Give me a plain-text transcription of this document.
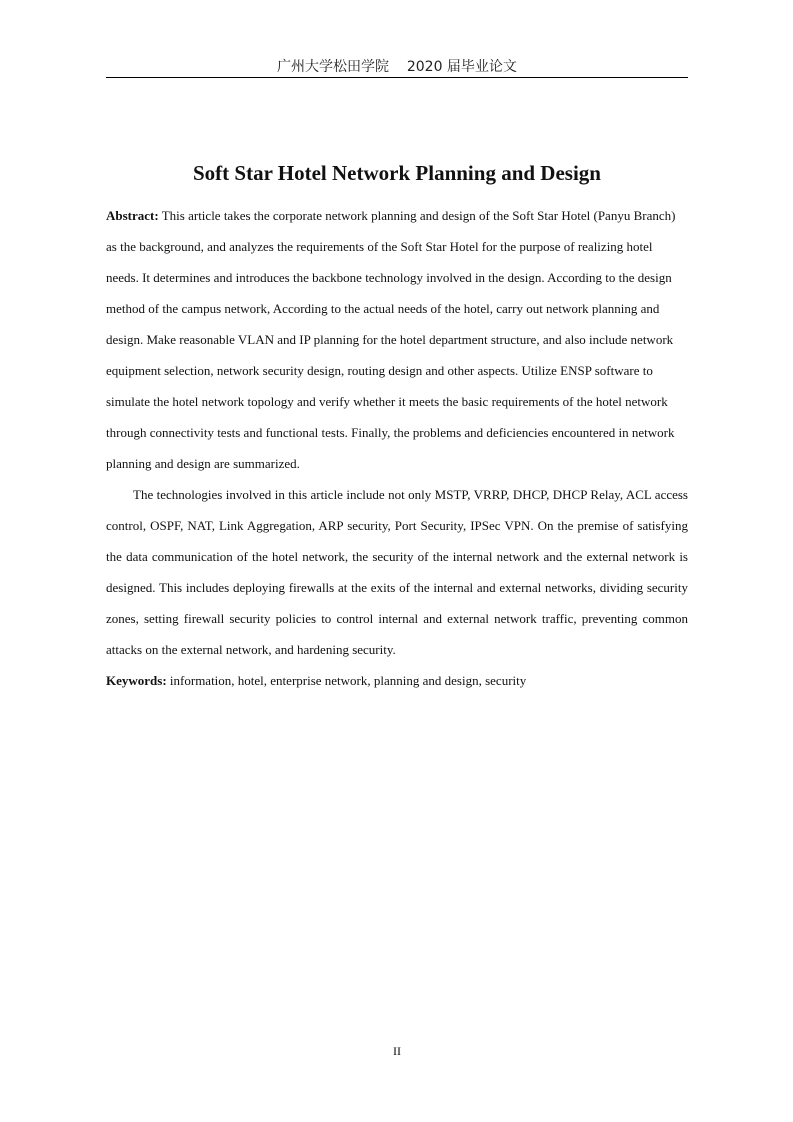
广州大学松田学院    2020 届毕业论文
Soft Star Hotel Network Planning and Design

Abstract: This article takes the corporate network planning and design of the Soft Star Hotel (Panyu Branch) as the background, and analyzes the requirements of the Soft Star Hotel for the purpose of realizing hotel needs. It determines and introduces the backbone technology involved in the design. According to the design method of the campus network, According to the actual needs of the hotel, carry out network planning and design. Make reasonable VLAN and IP planning for the hotel department structure, and also include network equipment selection, network security design, routing design and other aspects. Utilize ENSP software to simulate the hotel network topology and verify whether it meets the basic requirements of the hotel network through connectivity tests and functional tests. Finally, the problems and deficiencies encountered in network planning and design are summarized.

The technologies involved in this article include not only MSTP, VRRP, DHCP, DHCP Relay, ACL access control, OSPF, NAT, Link Aggregation, ARP security, Port Security, IPSec VPN. On the premise of satisfying the data communication of the hotel network, the security of the internal network and the external network is designed. This includes deploying firewalls at the exits of the internal and external networks, dividing security zones, setting firewall security policies to control internal and external network traffic, preventing common attacks on the external network, and hardening security.

Keywords: information, hotel, enterprise network, planning and design, security

II
